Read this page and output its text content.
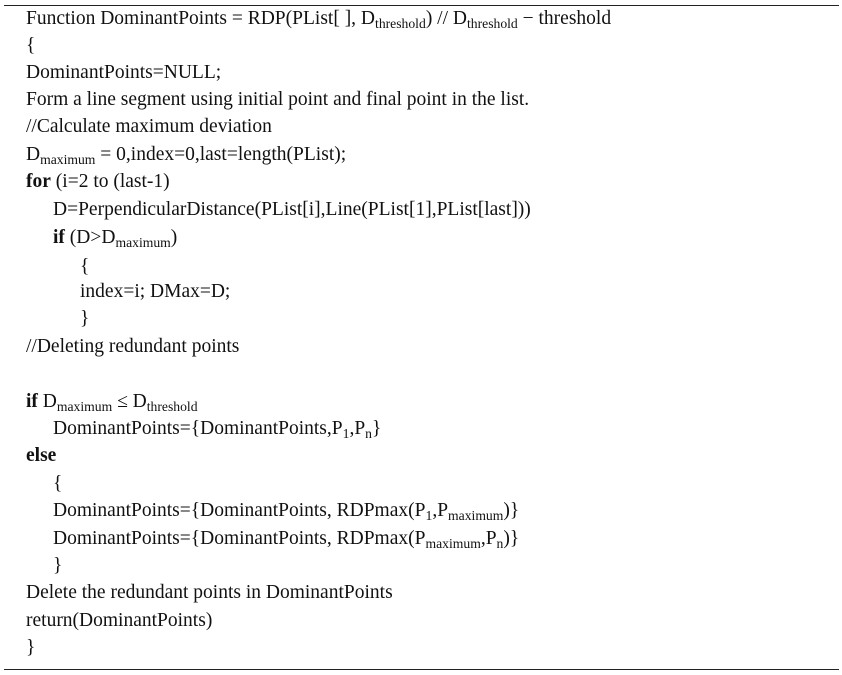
Function DominantPoints = RDP(PList[ ], $D_{threshold}) // D_{threshold}$ − threshold
{
DominantPoints=NULL;
Form a line segment using initial point and final point in the list.
//Calculate maximum deviation
$D_{maximum}$ = 0,index=0,last=length(PList);
for (i=2 to (last-1)
D=PerpendicularDistance(PList[i],Line(PList[1],PList[last]))
if $(D>D_{maximum})$
{
index=i; DMax=D;
}
//Deleting redundant points
if $D_{maximum} \le D_{threshold}$
$DominantPoints=\{DominantPoints,P_1,P_n\}$
else
{
DominantPoints={DominantPoints, $RDPmax(P_1,P_{maximum})$}
DominantPoints={DominantPoints, $RDPmax(P_{maximum},P_n)$}
}
Delete the redundant points in DominantPoints
return(DominantPoints)
}
